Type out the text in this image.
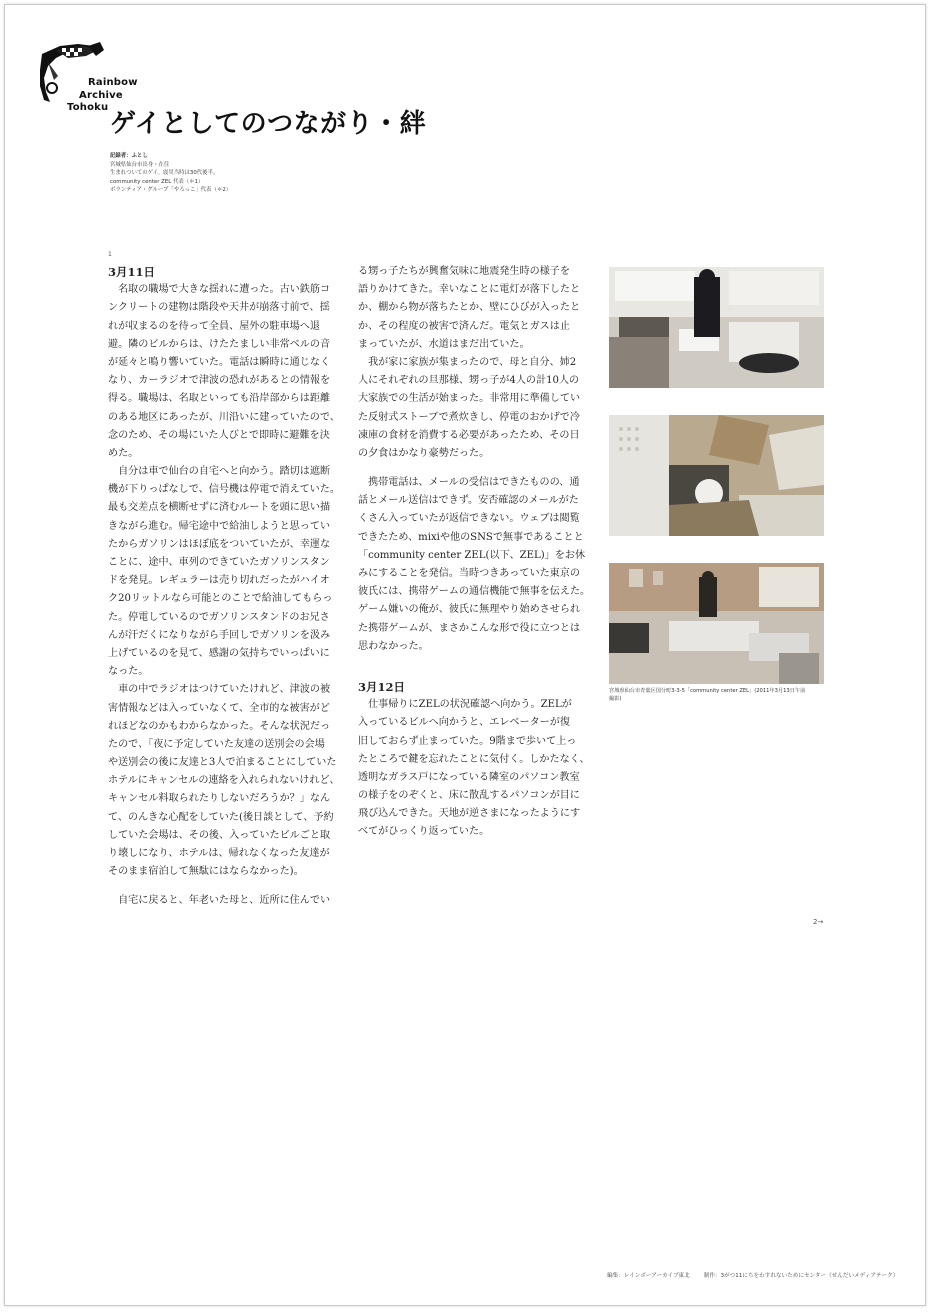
Rainbow
Archive
Tohoku
ゲイとしてのつながり・絆
記録者：ふとし
宮城県仙台市出身・在住
生まれついてのゲイ。震災当時は30代後半。
community center ZEL 代表（＊1）
ボランティア・グループ「やろっこ」代表（＊2）
1
3月11日
　名取の職場で大きな揺れに遭った。古い鉄筋コ
ンクリートの建物は階段や天井が崩落寸前で、揺
れが収まるのを待って全員、屋外の駐車場へ退
避。隣のビルからは、けたたましい非常ベルの音
が延々と鳴り響いていた。電話は瞬時に通じなく
なり、カーラジオで津波の恐れがあるとの情報を
得る。職場は、名取といっても沿岸部からは距離
のある地区にあったが、川沿いに建っていたので、
念のため、その場にいた人びとで即時に避難を決
めた。
　自分は車で仙台の自宅へと向かう。踏切は遮断
機が下りっぱなしで、信号機は停電で消えていた。
最も交差点を横断せずに済むルートを頭に思い描
きながら進む。帰宅途中で給油しようと思ってい
たからガソリンはほぼ底をついていたが、幸運な
ことに、途中、車列のできていたガソリンスタン
ドを発見。レギュラーは売り切れだったがハイオ
ク20リットルなら可能とのことで給油してもらっ
た。停電しているのでガソリンスタンドのお兄さ
んが汗だくになりながら手回しでガソリンを汲み
上げているのを見て、感謝の気持ちでいっぱいに
なった。
　車の中でラジオはつけていたけれど、津波の被
害情報などは入っていなくて、全市的な被害がど
れほどなのかもわからなかった。そんな状況だっ
たので、「夜に予定していた友達の送別会の会場
や送別会の後に友達と3人で泊まることにしていた
ホテルにキャンセルの連絡を入れられないけれど、
キャンセル料取られたりしないだろうか？」なん
て、のんきな心配をしていた(後日談として、予約
していた会場は、その後、入っていたビルごと取
り壊しになり、ホテルは、帰れなくなった友達が
そのまま宿泊して無駄にはならなかった)。
　自宅に戻ると、年老いた母と、近所に住んでい
る甥っ子たちが興奮気味に地震発生時の様子を
語りかけてきた。幸いなことに電灯が落下したと
か、棚から物が落ちたとか、壁にひびが入ったと
か、その程度の被害で済んだ。電気とガスは止
まっていたが、水道はまだ出ていた。
　我が家に家族が集まったので、母と自分、姉2
人にそれぞれの旦那様、甥っ子が4人の計10人の
大家族での生活が始まった。非常用に準備してい
た反射式ストーブで煮炊きし、停電のおかげで冷
凍庫の食材を消費する必要があったため、その日
の夕食はかなり豪勢だった。
　携帯電話は、メールの受信はできたものの、通
話とメール送信はできず。安否確認のメールがた
くさん入っていたが返信できない。ウェブは閲覧
できたため、mixiや他のSNSで無事であることと
「community center ZEL(以下、ZEL)」をお休
みにすることを発信。当時つきあっていた東京の
彼氏には、携帯ゲームの通信機能で無事を伝えた。
ゲーム嫌いの俺が、彼氏に無理やり始めさせられ
た携帯ゲームが、まさかこんな形で役に立つとは
思わなかった。
3月12日
　仕事帰りにZELの状況確認へ向かう。ZELが
入っているビルへ向かうと、エレベーターが復
旧しておらず止まっていた。9階まで歩いて上っ
たところで鍵を忘れたことに気付く。しかたなく、
透明なガラス戸になっている隣室のパソコン教室
の様子をのぞくと、床に散乱するパソコンが目に
飛び込んできた。天地が逆さまになったようにす
べてがひっくり返っていた。
宮城県仙台市青葉区国分町3-3-5「community center ZEL」(2011年3月13日午前
撮影)
2→
編集：レインボーアーカイブ東北	制作：3がつ11にちをわすれないためにセンター（せんだいメディアテーク）
